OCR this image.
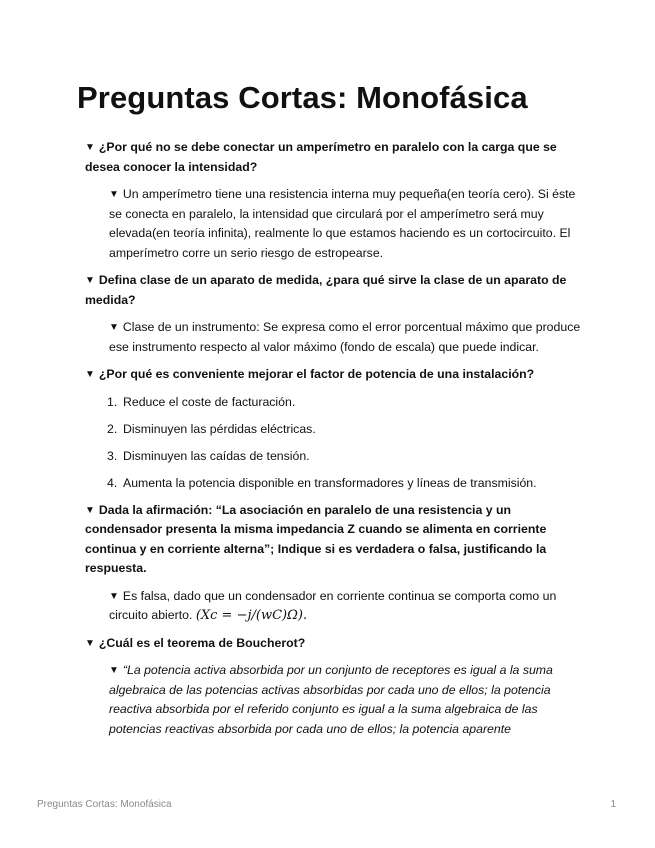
Preguntas Cortas: Monofásica

▼ ¿Por qué no se debe conectar un amperímetro en paralelo con la carga que se desea conocer la intensidad?

▼ Un amperímetro tiene una resistencia interna muy pequeña(en teoría cero). Si éste se conecta en paralelo, la intensidad que circulará por el amperímetro será muy elevada(en teoría infinita), realmente lo que estamos haciendo es un cortocircuito. El amperímetro corre un serio riesgo de estropearse.

▼ Defina clase de un aparato de medida, ¿para qué sirve la clase de un aparato de medida?

▼ Clase de un instrumento: Se expresa como el error porcentual máximo que produce ese instrumento respecto al valor máximo (fondo de escala) que puede indicar.

▼ ¿Por qué es conveniente mejorar el factor de potencia de una instalación?

1. Reduce el coste de facturación.
2. Disminuyen las pérdidas eléctricas.
3. Disminuyen las caídas de tensión.
4. Aumenta la potencia disponible en transformadores y líneas de transmisión.

▼ Dada la afirmación: “La asociación en paralelo de una resistencia y un condensador presenta la misma impedancia Z cuando se alimenta en corriente continua y en corriente alterna”; Indique si es verdadera o falsa, justificando la respuesta.

▼ Es falsa, dado que un condensador en corriente continua se comporta como un circuito abierto. (Xc = −j/(wC)Ω).

▼ ¿Cuál es el teorema de Boucherot?

▼ “La potencia activa absorbida por un conjunto de receptores es igual a la suma algebraica de las potencias activas absorbidas por cada uno de ellos; la potencia reactiva absorbida por el referido conjunto es igual a la suma algebraica de las potencias reactivas absorbida por cada uno de ellos; la potencia aparente

Preguntas Cortas: Monofásica	1
